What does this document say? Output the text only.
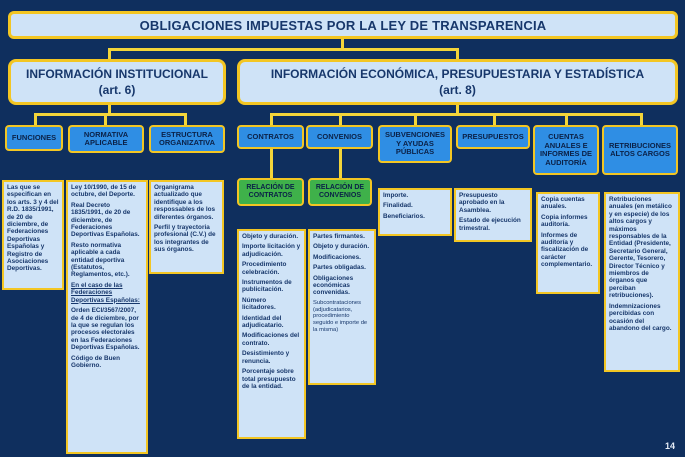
OBLIGACIONES IMPUESTAS POR LA LEY DE TRANSPARENCIA
INFORMACIÓN INSTITUCIONAL
(art. 6)
INFORMACIÓN ECONÓMICA, PRESUPUESTARIA Y ESTADÍSTICA
(art. 8)
FUNCIONES	NORMATIVA
APLICABLE
ESTRUCTURA
ORGANIZATIVA
CONTRATOS	CONVENIOS	SUBVENCIONES
Y AYUDAS
PÚBLICAS
PRESUPUESTOS	CUENTAS
ANUALES E
INFORMES DE
AUDITORÍA
RETRIBUCIONES
ALTOS CARGOS
RELACIÓN DE
CONTRATOS
RELACIÓN DE
CONVENIOS

Las que se especifican en los arts. 3 y 4 del R.D. 1835/1991, de 20 de diciembre, de Federaciones Deportivas Españolas y Registro de Asociaciones Deportivas.

Ley 10/1990, de 15 de octubre, del Deporte.

Real Decreto 1835/1991, de 20 de diciembre, de Federaciones Deportivas Españolas.

Resto normativa aplicable a cada entidad deportiva (Estatutos, Reglamentos, etc.).

En el caso de las Federaciones Deportivas Españolas:

Orden ECI/3567/2007, de 4 de diciembre, por la que se regulan los procesos electorales en las Federaciones Deportivas Españolas.

Código de Buen Gobierno.

Organigrama actualizado que identifique a los respossables de los diferentes órganos.

Perfil y trayectoria profesional (C.V.) de los integrantes de sus órganos.

Objeto y duración.

Importe licitación y adjudicación.

Procedimiento celebración.

Instrumentos de publicitación.

Número licitadores.

Identidad del adjudicatario.

Modificaciones del contrato.

Desistimiento y renuncia.

Porcentaje sobre total presupuesto de la entidad.

Partes firmantes.

Objeto y duración.

Modificaciones.

Partes obligadas.

Obligaciones económicas convenidas.

Subcontrataciones (adjudicatarios, procedimiento seguido e importe de la misma)

Importe.

Finalidad.

Beneficiarios.

Presupuesto aprobado en la Asamblea.

Estado de ejecución trimestral.

Copia cuentas anuales.

Copia informes auditoría.

Informes de auditoría y fiscalización de carácter complementario.

Retribuciones anuales (en metálico y en especie) de los altos cargos y máximos responsables de la Entidad (Presidente, Secretario General, Gerente, Tesorero, Director Técnico y miembros de órganos que perciban retribuciones).

Indemnizaciones percibidas con ocasión del abandono del cargo.

14
